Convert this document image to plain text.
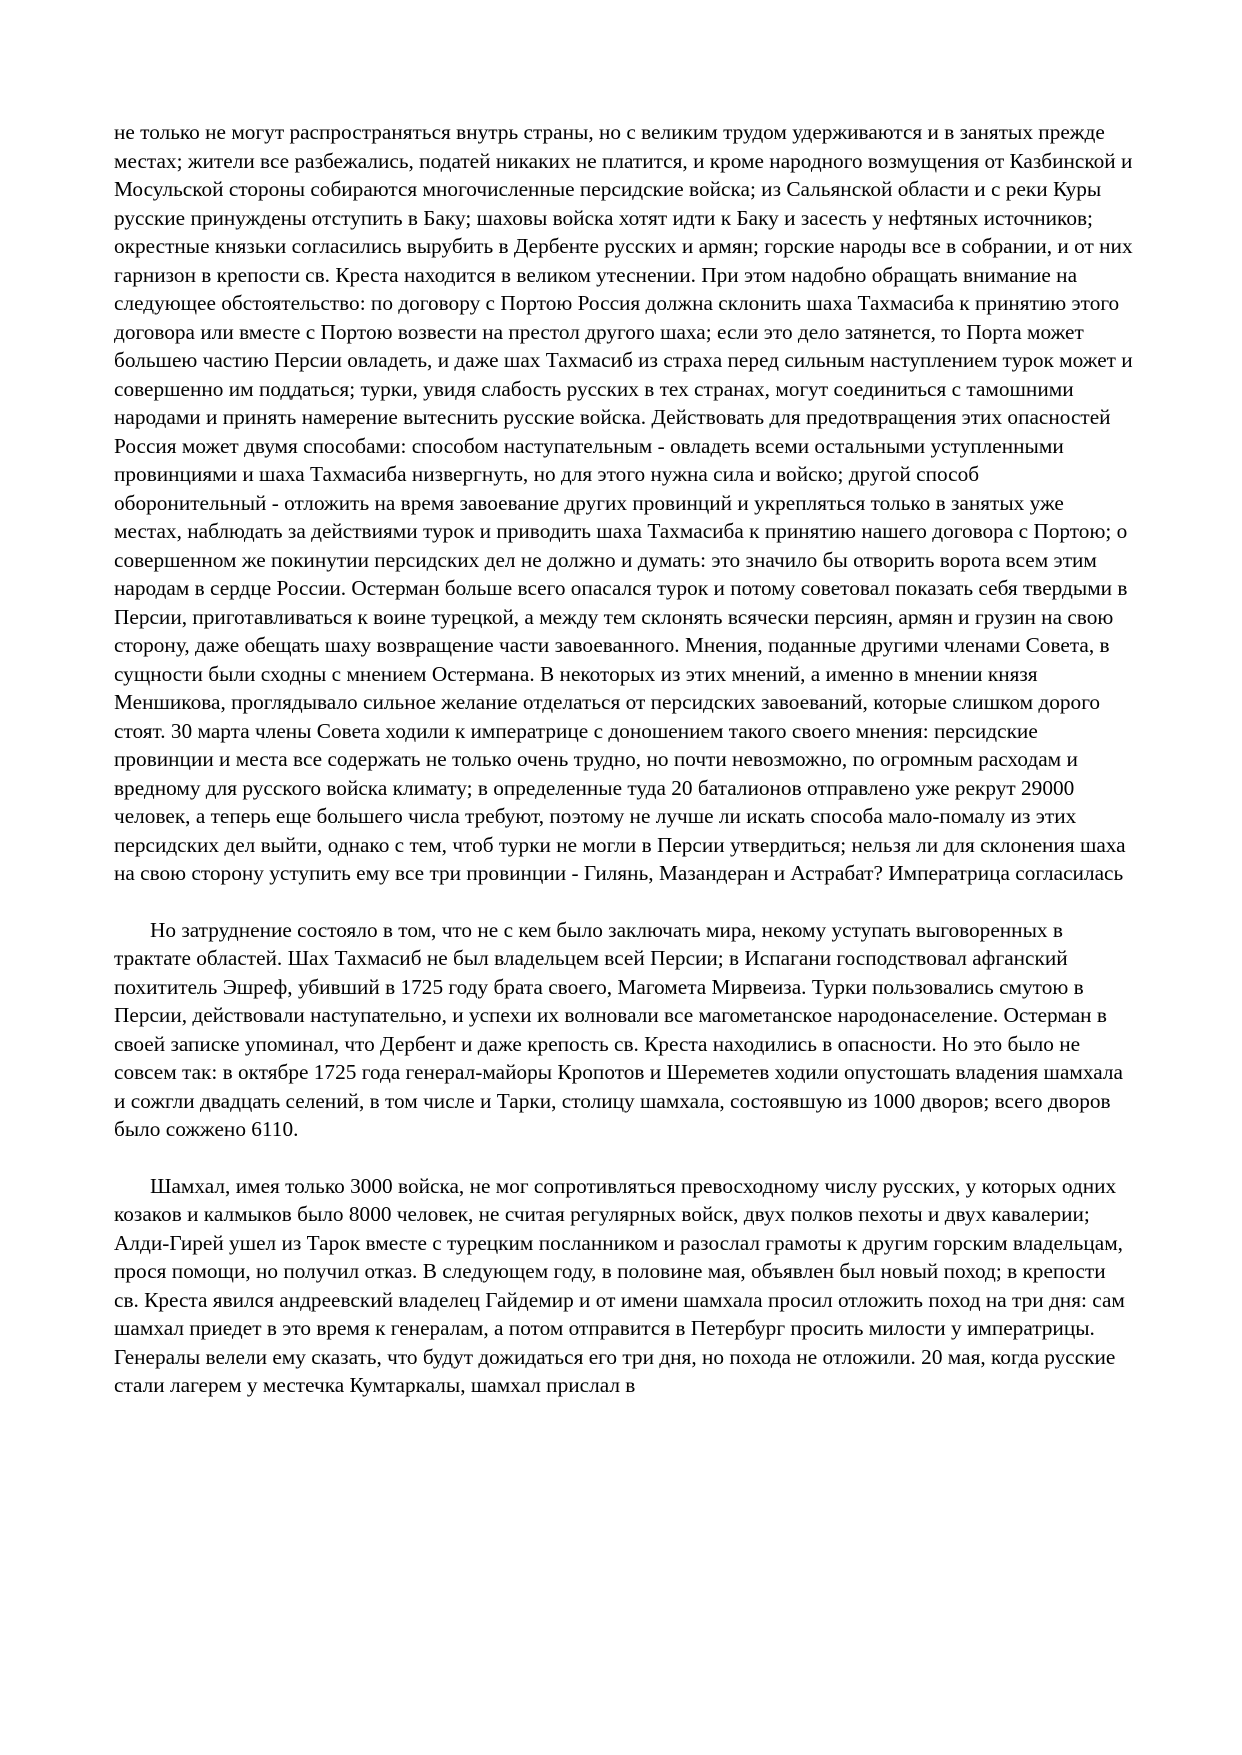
не только не могут распространяться внутрь страны, но с великим трудом удерживаются и в занятых прежде местах; жители все разбежались, податей никаких не платится, и кроме народного возмущения от Казбинской и Мосульской стороны собираются многочисленные персидские войска; из Сальянской области и с реки Куры русские принуждены отступить в Баку; шаховы войска хотят идти к Баку и засесть у нефтяных источников; окрестные князьки согласились вырубить в Дербенте русских и армян; горские народы все в собрании, и от них гарнизон в крепости св. Креста находится в великом утеснении. При этом надобно обращать внимание на следующее обстоятельство: по договору с Портою Россия должна склонить шаха Тахмасиба к принятию этого договора или вместе с Портою возвести на престол другого шаха; если это дело затянется, то Порта может большею частию Персии овладеть, и даже шах Тахмасиб из страха перед сильным наступлением турок может и совершенно им поддаться; турки, увидя слабость русских в тех странах, могут соединиться с тамошними народами и принять намерение вытеснить русские войска. Действовать для предотвращения этих опасностей Россия может двумя способами: способом наступательным - овладеть всеми остальными уступленными провинциями и шаха Тахмасиба низвергнуть, но для этого нужна сила и войско; другой способ оборонительный - отложить на время завоевание других провинций и укрепляться только в занятых уже местах, наблюдать за действиями турок и приводить шаха Тахмасиба к принятию нашего договора с Портою; о совершенном же покинутии персидских дел не должно и думать: это значило бы отворить ворота всем этим народам в сердце России. Остерман больше всего опасался турок и потому советовал показать себя твердыми в Персии, приготавливаться к воине турецкой, а между тем склонять всячески персиян, армян и грузин на свою сторону, даже обещать шаху возвращение части завоеванного. Мнения, поданные другими членами Совета, в сущности были сходны с мнением Остермана. В некоторых из этих мнений, а именно в мнении князя Меншикова, проглядывало сильное желание отделаться от персидских завоеваний, которые слишком дорого стоят. 30 марта члены Совета ходили к императрице с доношением такого своего мнения: персидские провинции и места все содержать не только очень трудно, но почти невозможно, по огромным расходам и вредному для русского войска климату; в определенные туда 20 баталионов отправлено уже рекрут 29000 человек, а теперь еще большего числа требуют, поэтому не лучше ли искать способа мало-помалу из этих персидских дел выйти, однако с тем, чтоб турки не могли в Персии утвердиться; нельзя ли для склонения шаха на свою сторону уступить ему все три провинции - Гилянь, Мазандеран и Астрабат? Императрица согласилась

Но затруднение состояло в том, что не с кем было заключать мира, некому уступать выговоренных в трактате областей. Шах Тахмасиб не был владельцем всей Персии; в Испагани господствовал афганский похититель Эшреф, убивший в 1725 году брата своего, Магомета Мирвеиза. Турки пользовались смутою в Персии, действовали наступательно, и успехи их волновали все магометанское народонаселение. Остерман в своей записке упоминал, что Дербент и даже крепость св. Креста находились в опасности. Но это было не совсем так: в октябре 1725 года генерал-майоры Кропотов и Шереметев ходили опустошать владения шамхала и сожгли двадцать селений, в том числе и Тарки, столицу шамхала, состоявшую из 1000 дворов; всего дворов было сожжено 6110.

Шамхал, имея только 3000 войска, не мог сопротивляться превосходному числу русских, у которых одних козаков и калмыков было 8000 человек, не считая регулярных войск, двух полков пехоты и двух кавалерии; Алди-Гирей ушел из Тарок вместе с турецким посланником и разослал грамоты к другим горским владельцам, прося помощи, но получил отказ. В следующем году, в половине мая, объявлен был новый поход; в крепости св. Креста явился андреевский владелец Гайдемир и от имени шамхала просил отложить поход на три дня: сам шамхал приедет в это время к генералам, а потом отправится в Петербург просить милости у императрицы. Генералы велели ему сказать, что будут дожидаться его три дня, но похода не отложили. 20 мая, когда русские стали лагерем у местечка Кумтаркалы, шамхал прислал в
